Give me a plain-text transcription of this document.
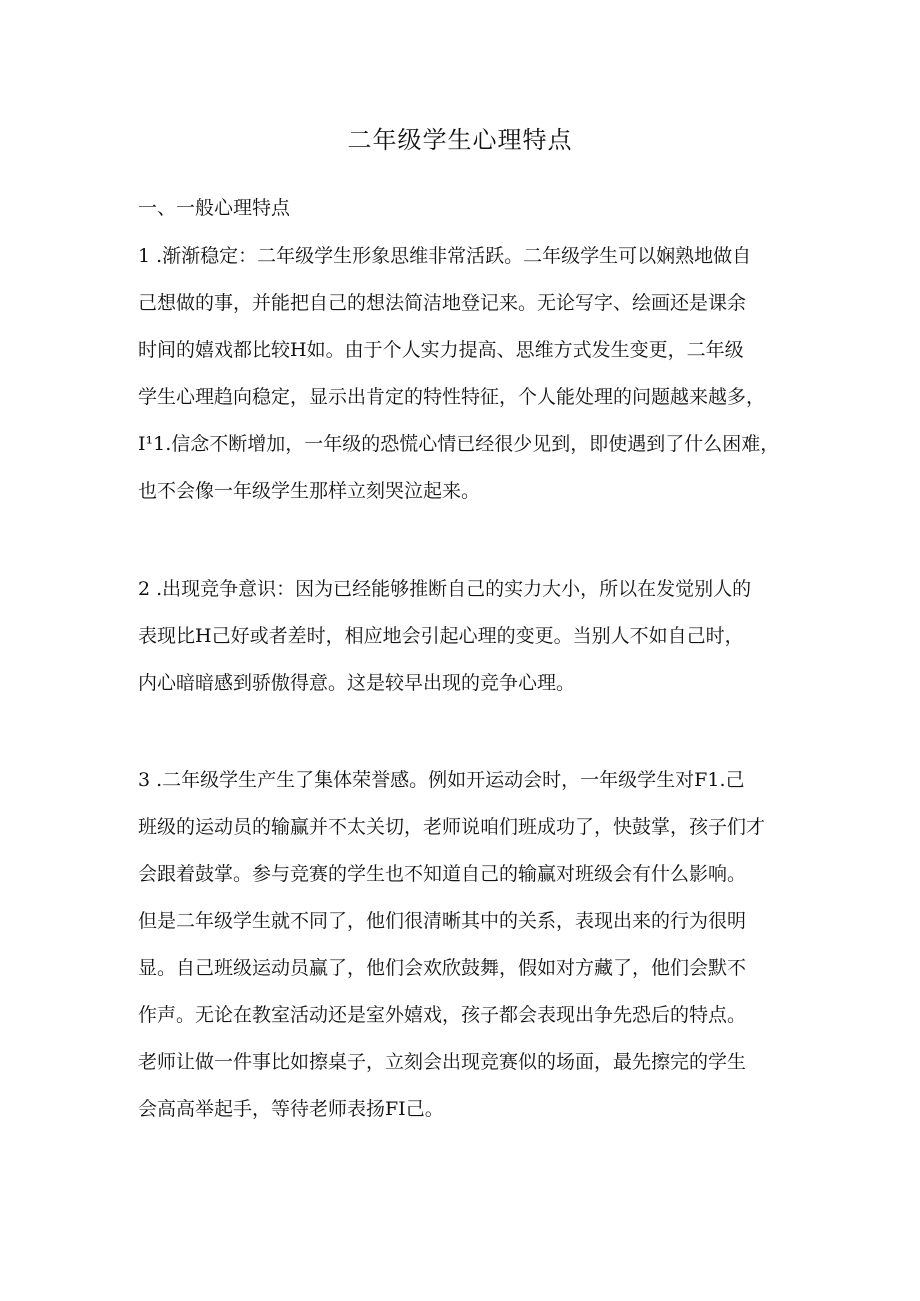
二年级学生心理特点
一、一般心理特点
1 .渐渐稳定：二年级学生形象思维非常活跃。二年级学生可以娴熟地做自
己想做的事，并能把自己的想法简洁地登记来。无论写字、绘画还是课余
时间的嬉戏都比较H如。由于个人实力提高、思维方式发生变更，二年级
学生心理趋向稳定，显示出肯定的特性特征，个人能处理的问题越来越多，
I¹1.信念不断增加，一年级的恐慌心情已经很少见到，即使遇到了什么困难，
也不会像一年级学生那样立刻哭泣起来。
2 .出现竞争意识：因为已经能够推断自己的实力大小，所以在发觉别人的
表现比H己好或者差时，相应地会引起心理的变更。当别人不如自己时，
内心暗暗感到骄傲得意。这是较早出现的竞争心理。
3 .二年级学生产生了集体荣誉感。例如开运动会时，一年级学生对F1.己
班级的运动员的输赢并不太关切，老师说咱们班成功了，快鼓掌，孩子们才
会跟着鼓掌。参与竞赛的学生也不知道自己的输赢对班级会有什么影响。
但是二年级学生就不同了，他们很清晰其中的关系，表现出来的行为很明
显。自己班级运动员赢了，他们会欢欣鼓舞，假如对方藏了，他们会默不
作声。无论在教室活动还是室外嬉戏，孩子都会表现出争先恐后的特点。
老师让做一件事比如擦桌子，立刻会出现竞赛似的场面，最先擦完的学生
会高高举起手，等待老师表扬FI己。
